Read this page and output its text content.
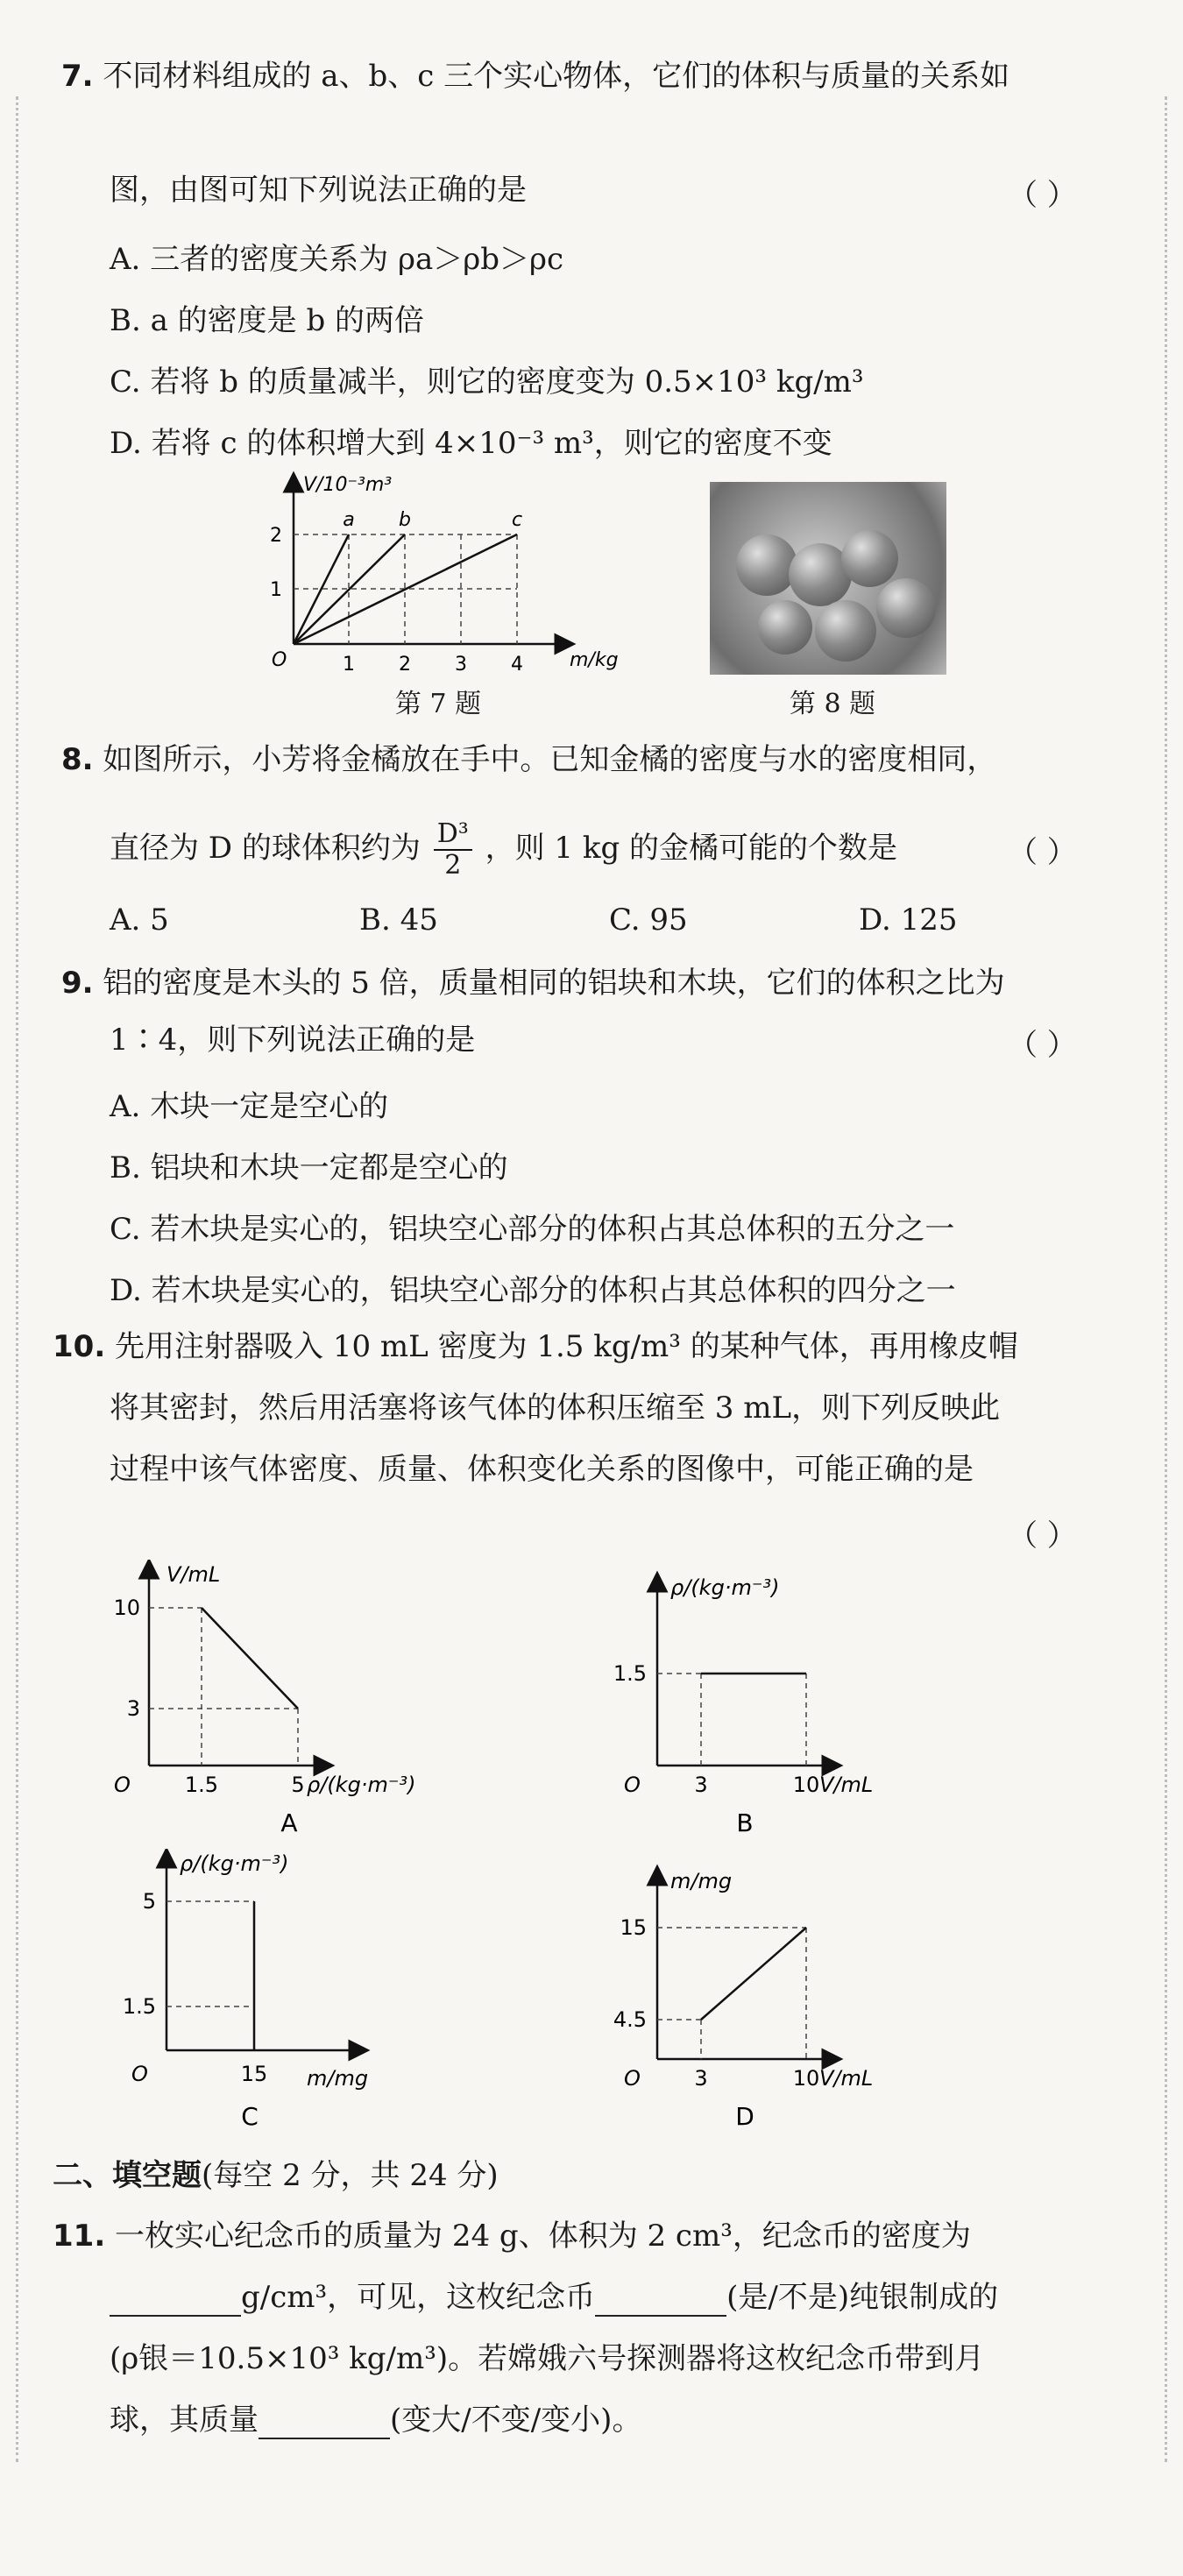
7. 不同材料组成的 a、b、c 三个实心物体，它们的体积与质量的关系如
图，由图可知下列说法正确的是	（ ）
A. 三者的密度关系为 ρa＞ρb＞ρc
B. a 的密度是 b 的两倍
C. 若将 b 的质量减半，则它的密度变为 0.5×10³ kg/m³
D. 若将 c 的体积增大到 4×10⁻³ m³，则它的密度不变
a b	c
V/10⁻³m³
m/kg
O	1 2 3 4
1
2
第 7 题	第 8 题
8. 如图所示，小芳将金橘放在手中。已知金橘的密度与水的密度相同，
直径为 D 的球体积约为 $\frac{\text{D³}}{2}$ ，则 1 kg 的金橘可能的个数是	（ ）
A. 5	B. 45	C. 95	D. 125
9. 铝的密度是木头的 5 倍，质量相同的铝块和木块，它们的体积之比为
1∶4，则下列说法正确的是	（ ）
A. 木块一定是空心的
B. 铝块和木块一定都是空心的
C. 若木块是实心的，铝块空心部分的体积占其总体积的五分之一
D. 若木块是实心的，铝块空心部分的体积占其总体积的四分之一
10. 先用注射器吸入 10 mL 密度为 1.5 kg/m³ 的某种气体，再用橡皮帽
将其密封，然后用活塞将该气体的体积压缩至 3 mL，则下列反映此
过程中该气体密度、质量、体积变化关系的图像中，可能正确的是
（ ）
V/mL
ρ/(kg·m⁻³)
10
3
O	1.5	5
A
ρ/(kg·m⁻³)
V/mL
1.5
O	3	10
B
ρ/(kg·m⁻³)
m/mg
5
1.5
O	15
C
m/mg
V/mL
15
4.5
O	3	10
D
二、填空题(每空 2 分，共 24 分)
11. 一枚实心纪念币的质量为 24 g、体积为 2 cm³，纪念币的密度为
g/cm³，可见，这枚纪念币	(是/不是)纯银制成的
(ρ银＝10.5×10³ kg/m³)。若嫦娥六号探测器将这枚纪念币带到月
球，其质量	(变大/不变/变小)。
